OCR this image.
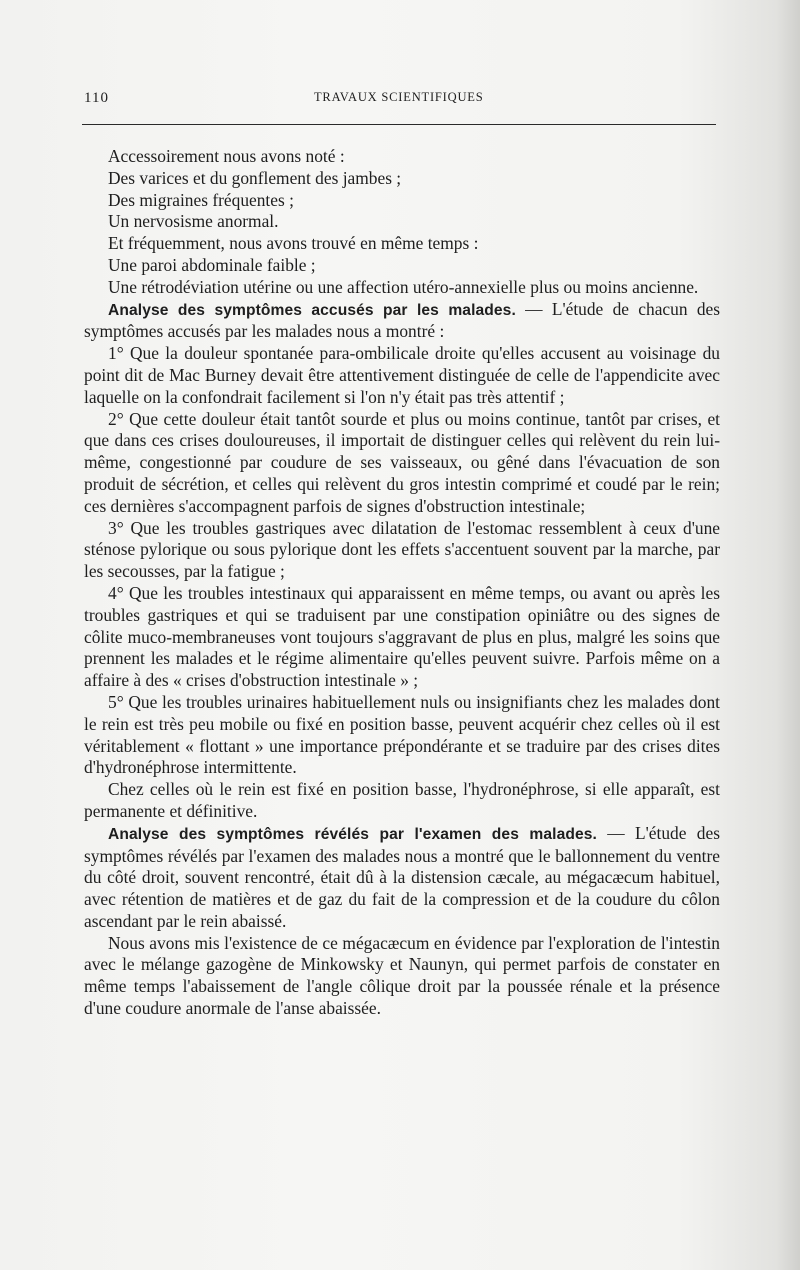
110	TRAVAUX SCIENTIFIQUES

Accessoirement nous avons noté :

Des varices et du gonflement des jambes ;

Des migraines fréquentes ;

Un nervosisme anormal.

Et fréquemment, nous avons trouvé en même temps :

Une paroi abdominale faible ;

Une rétrodéviation utérine ou une affection utéro-annexielle plus ou moins ancienne.

Analyse des symptômes accusés par les malades. — L'étude de chacun des symptômes accusés par les malades nous a montré :

1° Que la douleur spontanée para-ombilicale droite qu'elles accusent au voisinage du point dit de Mac Burney devait être attentivement distinguée de celle de l'appendicite avec laquelle on la confondrait facilement si l'on n'y était pas très attentif ;

2° Que cette douleur était tantôt sourde et plus ou moins continue, tantôt par crises, et que dans ces crises douloureuses, il importait de distinguer celles qui relèvent du rein lui-même, congestionné par coudure de ses vaisseaux, ou gêné dans l'évacuation de son produit de sécrétion, et celles qui relèvent du gros intestin comprimé et coudé par le rein; ces dernières s'accompagnent parfois de signes d'obstruction intestinale;

3° Que les troubles gastriques avec dilatation de l'estomac ressemblent à ceux d'une sténose pylorique ou sous pylorique dont les effets s'accentuent souvent par la marche, par les secousses, par la fatigue ;

4° Que les troubles intestinaux qui apparaissent en même temps, ou avant ou après les troubles gastriques et qui se traduisent par une constipation opiniâtre ou des signes de côlite muco-membraneuses vont toujours s'aggravant de plus en plus, malgré les soins que prennent les malades et le régime alimentaire qu'elles peuvent suivre. Parfois même on a affaire à des « crises d'obstruction intestinale » ;

5° Que les troubles urinaires habituellement nuls ou insignifiants chez les malades dont le rein est très peu mobile ou fixé en position basse, peuvent acquérir chez celles où il est véritablement « flottant » une importance prépondérante et se traduire par des crises dites d'hydronéphrose intermittente.

Chez celles où le rein est fixé en position basse, l'hydronéphrose, si elle apparaît, est permanente et définitive.

Analyse des symptômes révélés par l'examen des malades. — L'étude des symptômes révélés par l'examen des malades nous a montré que le ballonnement du ventre du côté droit, souvent rencontré, était dû à la distension cæcale, au mégacæcum habituel, avec rétention de matières et de gaz du fait de la compression et de la coudure du côlon ascendant par le rein abaissé.

Nous avons mis l'existence de ce mégacæcum en évidence par l'exploration de l'intestin avec le mélange gazogène de Minkowsky et Naunyn, qui permet parfois de constater en même temps l'abaissement de l'angle côlique droit par la poussée rénale et la présence d'une coudure anormale de l'anse abaissée.
